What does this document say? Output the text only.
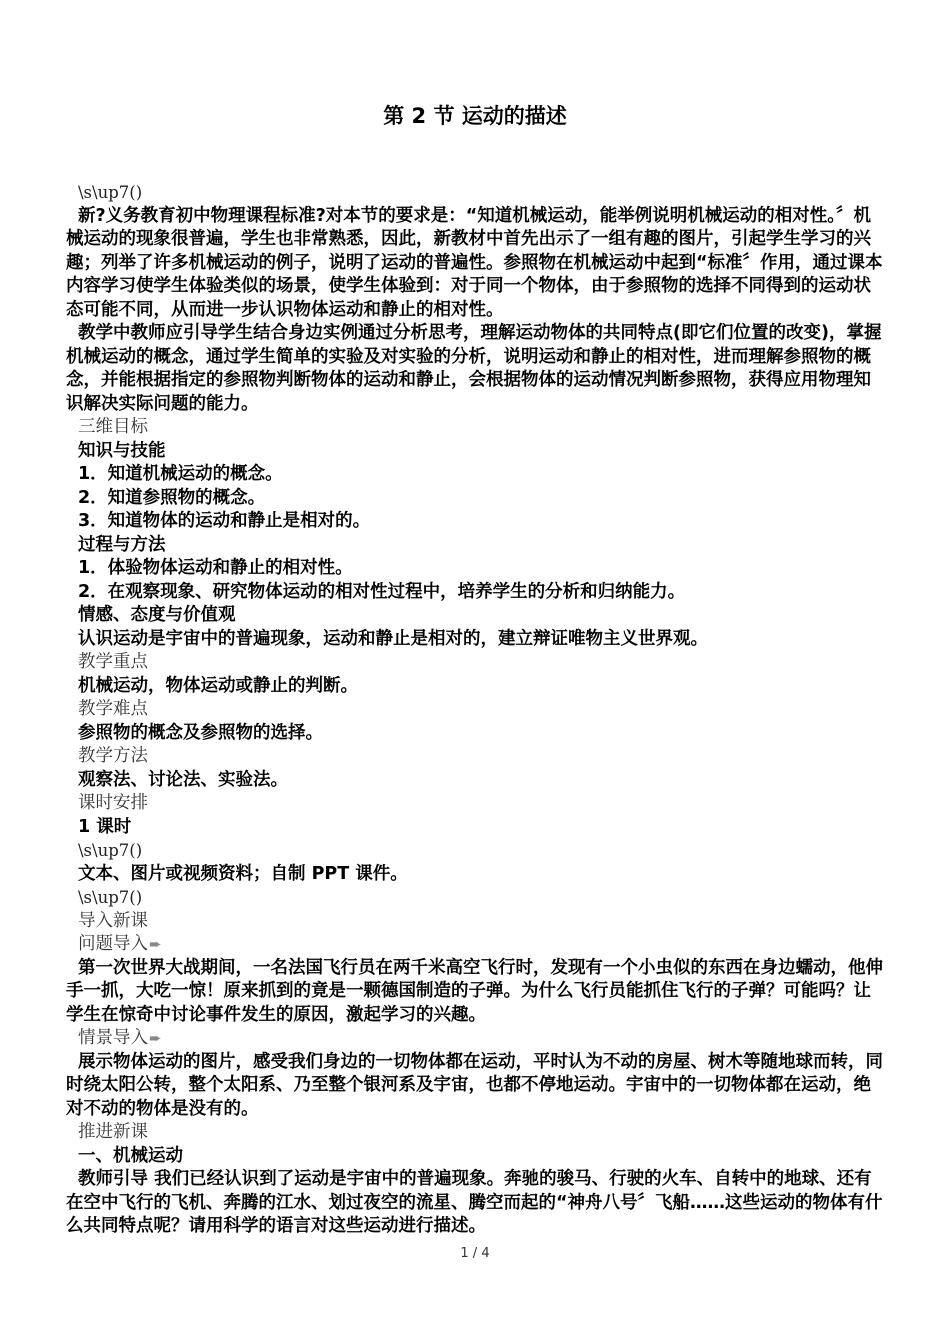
第 2 节 运动的描述

\s\up7()

新?义务教育初中物理课程标准?对本节的要求是：“知道机械运动，能举例说明机械运动的相对性。〞机械运动的现象很普遍，学生也非常熟悉，因此，新教材中首先出示了一组有趣的图片，引起学生学习的兴趣；列举了许多机械运动的例子，说明了运动的普遍性。参照物在机械运动中起到“标准〞作用，通过课本内容学习使学生体验类似的场景，使学生体验到：对于同一个物体，由于参照物的选择不同得到的运动状态可能不同，从而进一步认识物体运动和静止的相对性。

教学中教师应引导学生结合身边实例通过分析思考，理解运动物体的共同特点(即它们位置的改变)，掌握机械运动的概念，通过学生简单的实验及对实验的分析，说明运动和静止的相对性，进而理解参照物的概念，并能根据指定的参照物判断物体的运动和静止，会根据物体的运动情况判断参照物，获得应用物理知识解决实际问题的能力。

三维目标

知识与技能

1．知道机械运动的概念。

2．知道参照物的概念。

3．知道物体的运动和静止是相对的。

过程与方法

1．体验物体运动和静止的相对性。

2．在观察现象、研究物体运动的相对性过程中，培养学生的分析和归纳能力。

情感、态度与价值观

认识运动是宇宙中的普遍现象，运动和静止是相对的，建立辩证唯物主义世界观。

教学重点

机械运动，物体运动或静止的判断。

教学难点

参照物的概念及参照物的选择。

教学方法

观察法、讨论法、实验法。

课时安排

1 课时

\s\up7()

文本、图片或视频资料；自制 PPT 课件。

\s\up7()

导入新课

问题导入➨

第一次世界大战期间，一名法国飞行员在两千米高空飞行时，发现有一个小虫似的东西在身边蠕动，他伸手一抓，大吃一惊！原来抓到的竟是一颗德国制造的子弹。为什么飞行员能抓住飞行的子弹？可能吗？让学生在惊奇中讨论事件发生的原因，激起学习的兴趣。

情景导入➨

展示物体运动的图片，感受我们身边的一切物体都在运动，平时认为不动的房屋、树木等随地球而转，同时绕太阳公转，整个太阳系、乃至整个银河系及宇宙，也都不停地运动。宇宙中的一切物体都在运动，绝对不动的物体是没有的。

推进新课

一、机械运动

教师引导 我们已经认识到了运动是宇宙中的普遍现象。奔驰的骏马、行驶的火车、自转中的地球、还有在空中飞行的飞机、奔腾的江水、划过夜空的流星、腾空而起的“神舟八号〞飞船……这些运动的物体有什么共同特点呢？请用科学的语言对这些运动进行描述。

1 / 4
